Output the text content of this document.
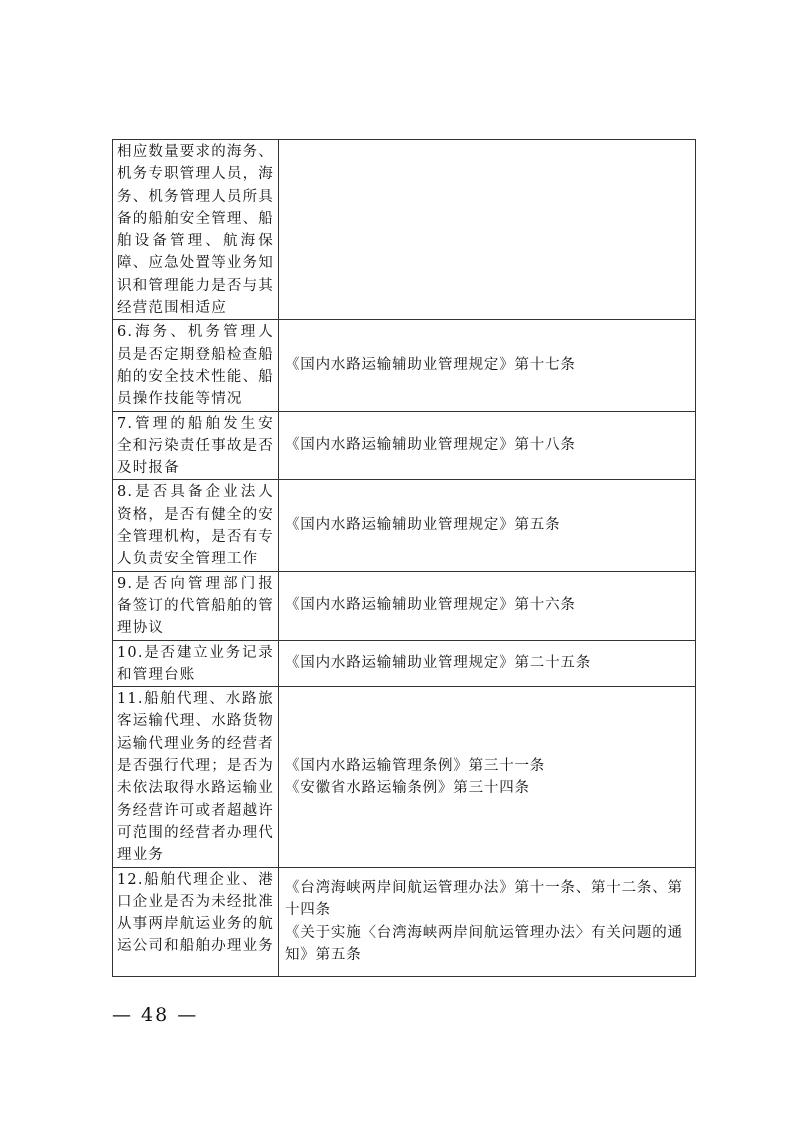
相应数量要求的海务、机务专职管理人员，海务、机务管理人员所具备的船舶安全管理、船舶设备管理、航海保障、应急处置等业务知识和管理能力是否与其经营范围相适应	
6.海务、机务管理人员是否定期登船检查船舶的安全技术性能、船员操作技能等情况	《国内水路运输辅助业管理规定》第十七条

7.管理的船舶发生安全和污染责任事故是否及时报备	《国内水路运输辅助业管理规定》第十八条

8.是否具备企业法人资格，是否有健全的安全管理机构，是否有专人负责安全管理工作	《国内水路运输辅助业管理规定》第五条

9.是否向管理部门报备签订的代管船舶的管理协议	《国内水路运输辅助业管理规定》第十六条

10.是否建立业务记录和管理台账	《国内水路运输辅助业管理规定》第二十五条

11.船舶代理、水路旅客运输代理、水路货物运输代理业务的经营者是否强行代理；是否为未依法取得水路运输业务经营许可或者超越许可范围的经营者办理代理业务	《国内水路运输管理条例》第三十一条
《安徽省水路运输条例》第三十四条

12.船舶代理企业、港口企业是否为未经批准从事两岸航运业务的航运公司和船舶办理业务	《台湾海峡两岸间航运管理办法》第十一条、第十二条、第十四条
《关于实施〈台湾海峡两岸间航运管理办法〉有关问题的通知》第五条
— 48 —
